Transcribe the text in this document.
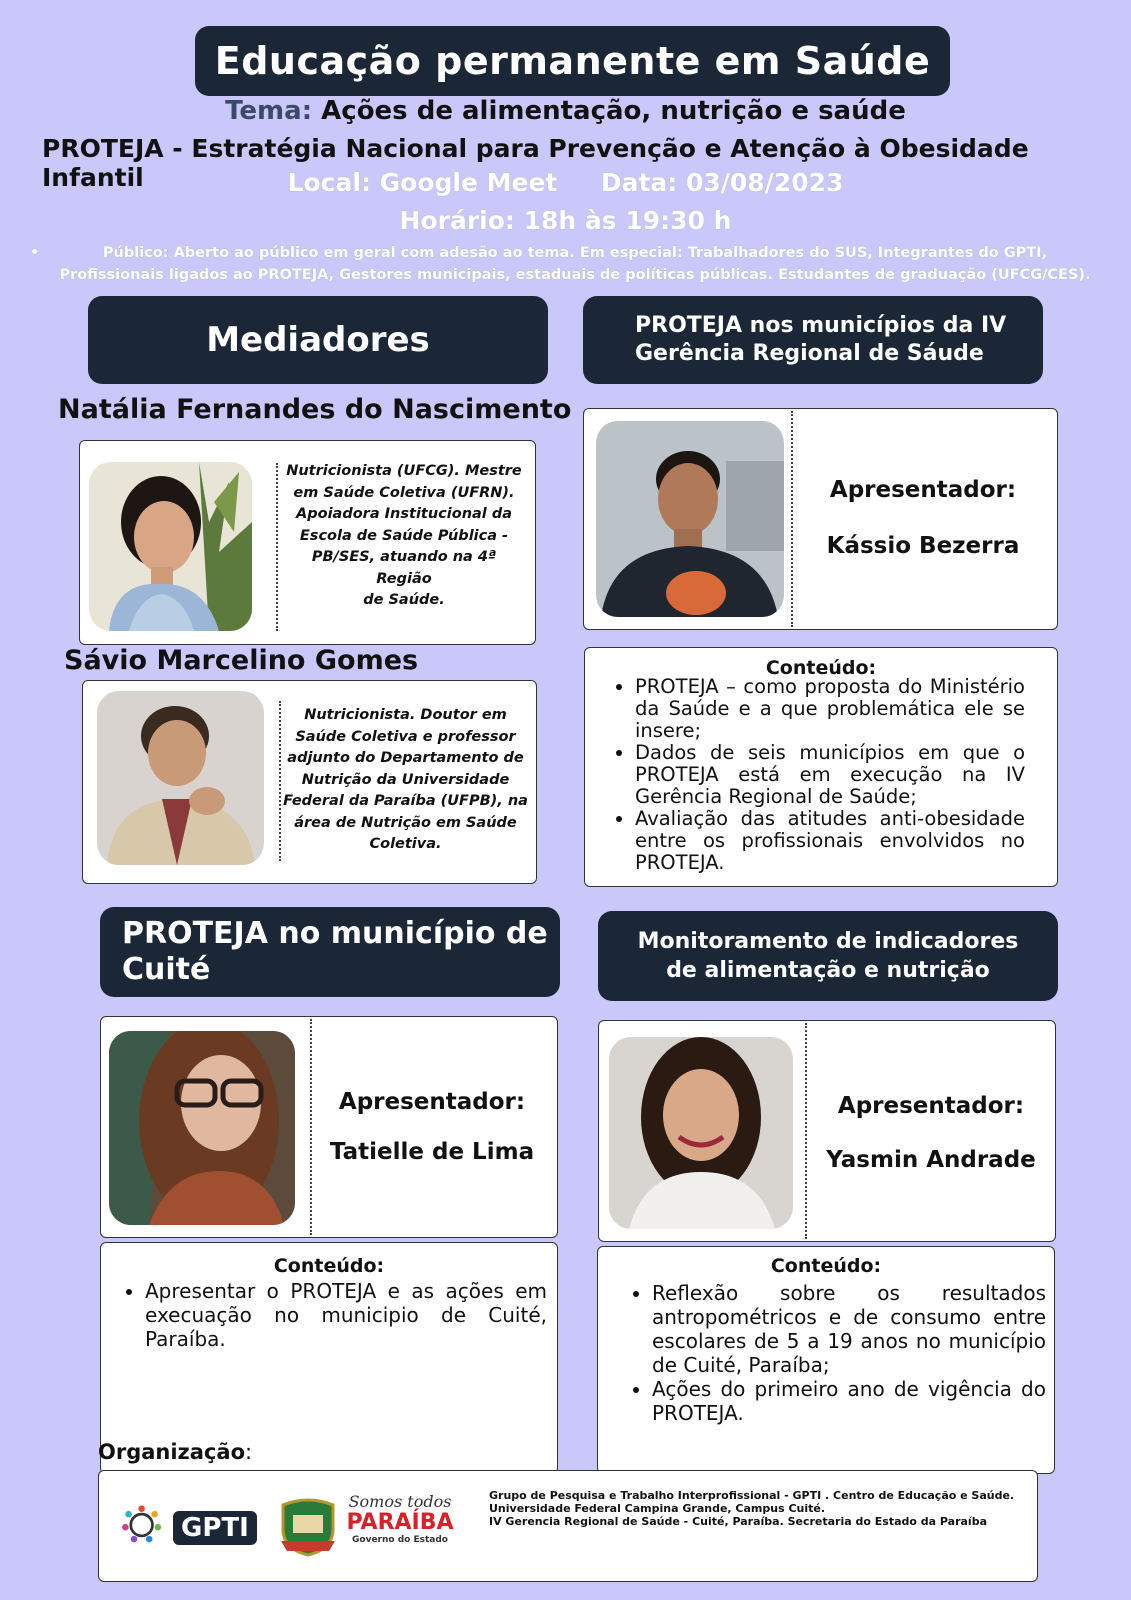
Educação permanente em Saúde
Tema: Ações de alimentação, nutrição e saúde
PROTEJA - Estratégia Nacional para Prevenção e Atenção à Obesidade Infantil	Local: Google Meet Data: 03/08/2023
Horário: 18h às 19:30 h
•	Público: Aberto ao público em geral com adesão ao tema. Em especial: Trabalhadores do SUS, Integrantes do GPTI,
Profissionais ligados ao PROTEJA, Gestores municipais, estaduais de políticas públicas. Estudantes de graduação (UFCG/CES).
Mediadores	PROTEJA nos municípios da IV
Gerência Regional de Sáude
Natália Fernandes do Nascimento
Nutricionista (UFCG). Mestre
em Saúde Coletiva (UFRN).
Apoiadora Institucional da
Escola de Saúde Pública -
PB/SES, atuando na 4ª Região
de Saúde.
Sávio Marcelino Gomes
Nutricionista. Doutor em
Saúde Coletiva e professor
adjunto do Departamento de
Nutrição da Universidade
Federal da Paraíba (UFPB), na
área de Nutrição em Saúde
Coletiva.
Apresentador:
Kássio Bezerra
Conteúdo:
• PROTEJA – como proposta do Ministério da Saúde e a que problemática ele se insere;
• Dados de seis municípios em que o PROTEJA está em execução na IV Gerência Regional de Saúde;
• Avaliação das atitudes anti-obesidade entre os profissionais envolvidos no PROTEJA.
PROTEJA no município de
Cuité
Monitoramento de indicadores
de alimentação e nutrição
Apresentador:
Tatielle de Lima
Apresentador:
Yasmin Andrade
Conteúdo:
• Apresentar o PROTEJA e as ações em execuação no municipio de Cuité, Paraíba.
Conteúdo:
• Reflexão sobre os resultados antropométricos e de consumo entre escolares de 5 a 19 anos no município de Cuité, Paraíba;
• Ações do primeiro ano de vigência do PROTEJA.
Organização:
GPTI
Somos todos
PARAÍBA
Governo do Estado
Grupo de Pesquisa e Trabalho Interprofissional - GPTI . Centro de Educação e Saúde.
Universidade Federal Campina Grande, Campus Cuité.
IV Gerencia Regional de Saúde - Cuité, Paraíba. Secretaria do Estado da Paraíba
